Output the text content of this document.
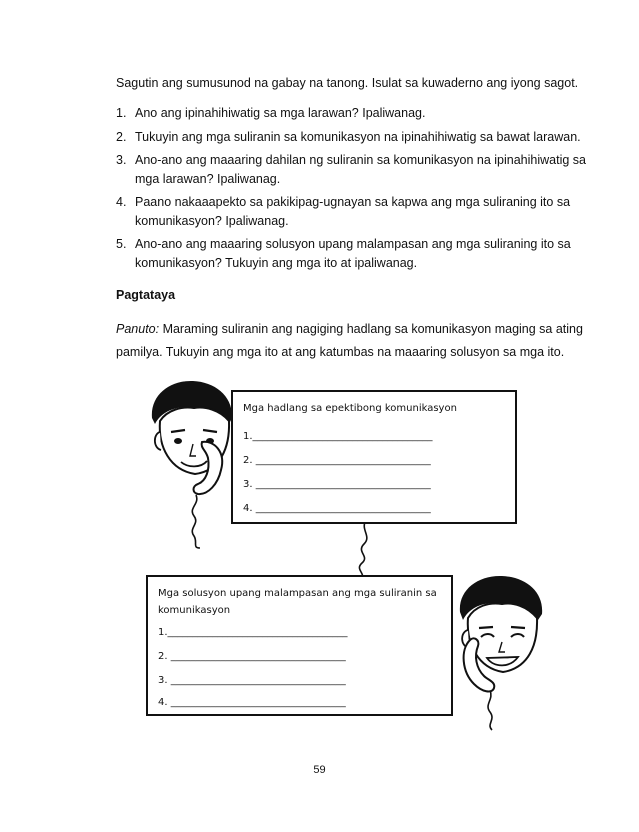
Sagutin ang sumusunod na gabay na tanong. Isulat sa kuwaderno ang iyong sagot.
1. Ano ang ipinahihiwatig sa mga larawan? Ipaliwanag.
2. Tukuyin ang mga suliranin sa komunikasyon na ipinahihiwatig sa bawat larawan.
3. Ano-ano ang maaaring dahilan ng suliranin sa komunikasyon na ipinahihiwatig sa mga larawan? Ipaliwanag.
4. Paano nakaaapekto sa pakikipag-ugnayan sa kapwa ang mga suliraning ito sa komunikasyon? Ipaliwanag.
5. Ano-ano ang maaaring solusyon upang malampasan ang mga suliraning ito sa komunikasyon? Tukuyin ang mga ito at ipaliwanag.
Pagtataya
Panuto: Maraming suliranin ang nagiging hadlang sa komunikasyon maging sa ating pamilya. Tukuyin ang mga ito at ang katumbas na maaaring solusyon sa mga ito.
Mga hadlang sa epektibong komunikasyon
1.____________________________________
2. ___________________________________
3. ___________________________________
4. ___________________________________
Mga solusyon upang malampasan ang mga suliranin sa komunikasyon
1.____________________________________
2. ___________________________________
3. ___________________________________
4. ___________________________________
59
